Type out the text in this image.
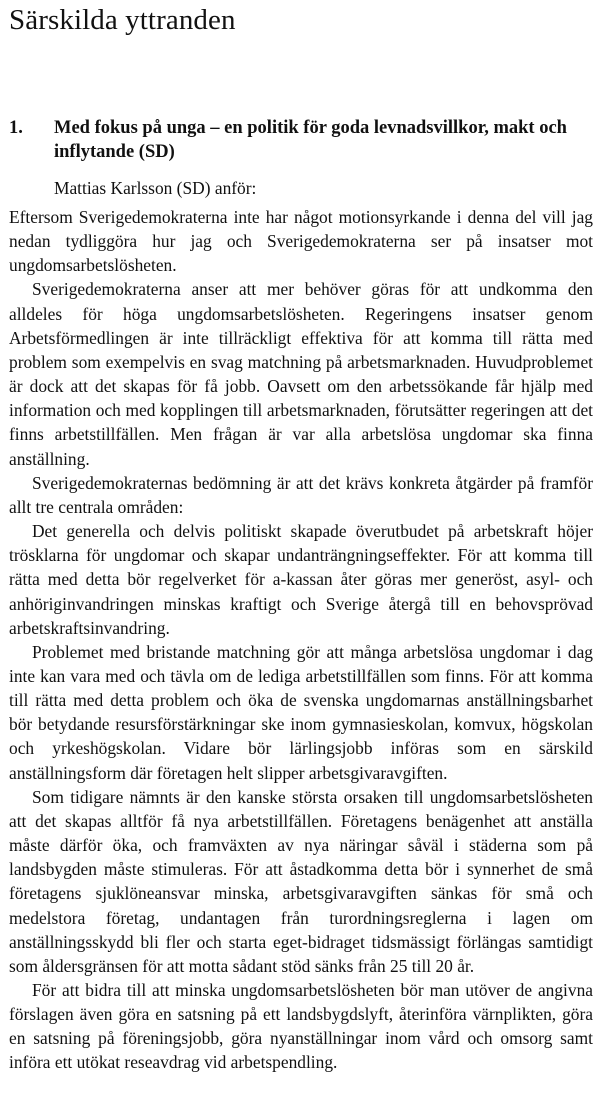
Särskilda yttranden
1.	Med fokus på unga – en politik för goda levnadsvillkor, makt och inflytande (SD)

Mattias Karlsson (SD) anför:

Eftersom Sverigedemokraterna inte har något motionsyrkande i denna del vill jag nedan tydliggöra hur jag och Sverigedemokraterna ser på insatser mot ungdomsarbetslösheten.

Sverigedemokraterna anser att mer behöver göras för att undkomma den alldeles för höga ungdomsarbetslösheten. Regeringens insatser genom Arbetsförmedlingen är inte tillräckligt effektiva för att komma till rätta med problem som exempelvis en svag matchning på arbetsmarknaden. Huvudproblemet är dock att det skapas för få jobb. Oavsett om den arbetssökande får hjälp med information och med kopplingen till arbetsmarknaden, förutsätter regeringen att det finns arbetstillfällen. Men frågan är var alla arbetslösa ungdomar ska finna anställning.

Sverigedemokraternas bedömning är att det krävs konkreta åtgärder på framför allt tre centrala områden:

Det generella och delvis politiskt skapade överutbudet på arbetskraft höjer trösklarna för ungdomar och skapar undanträngningseffekter. För att komma till rätta med detta bör regelverket för a-kassan åter göras mer generöst, asyl- och anhöriginvandringen minskas kraftigt och Sverige återgå till en behovsprövad arbetskraftsinvandring.

Problemet med bristande matchning gör att många arbetslösa ungdomar i dag inte kan vara med och tävla om de lediga arbetstillfällen som finns. För att komma till rätta med detta problem och öka de svenska ungdomarnas anställningsbarhet bör betydande resursförstärkningar ske inom gymnasieskolan, komvux, högskolan och yrkeshögskolan. Vidare bör lärlingsjobb införas som en särskild anställningsform där företagen helt slipper arbetsgivaravgiften.

Som tidigare nämnts är den kanske största orsaken till ungdomsarbetslösheten att det skapas alltför få nya arbetstillfällen. Företagens benägenhet att anställa måste därför öka, och framväxten av nya näringar såväl i städerna som på landsbygden måste stimuleras. För att åstadkomma detta bör i synnerhet de små företagens sjuklöneansvar minska, arbetsgivaravgiften sänkas för små och medelstora företag, undantagen från turordningsreglerna i lagen om anställningsskydd bli fler och starta eget-bidraget tidsmässigt förlängas samtidigt som åldersgränsen för att motta sådant stöd sänks från 25 till 20 år.

För att bidra till att minska ungdomsarbetslösheten bör man utöver de angivna förslagen även göra en satsning på ett landsbygdslyft, återinföra värnplikten, göra en satsning på föreningsjobb, göra nyanställningar inom vård och omsorg samt införa ett utökat reseavdrag vid arbetspendling.
